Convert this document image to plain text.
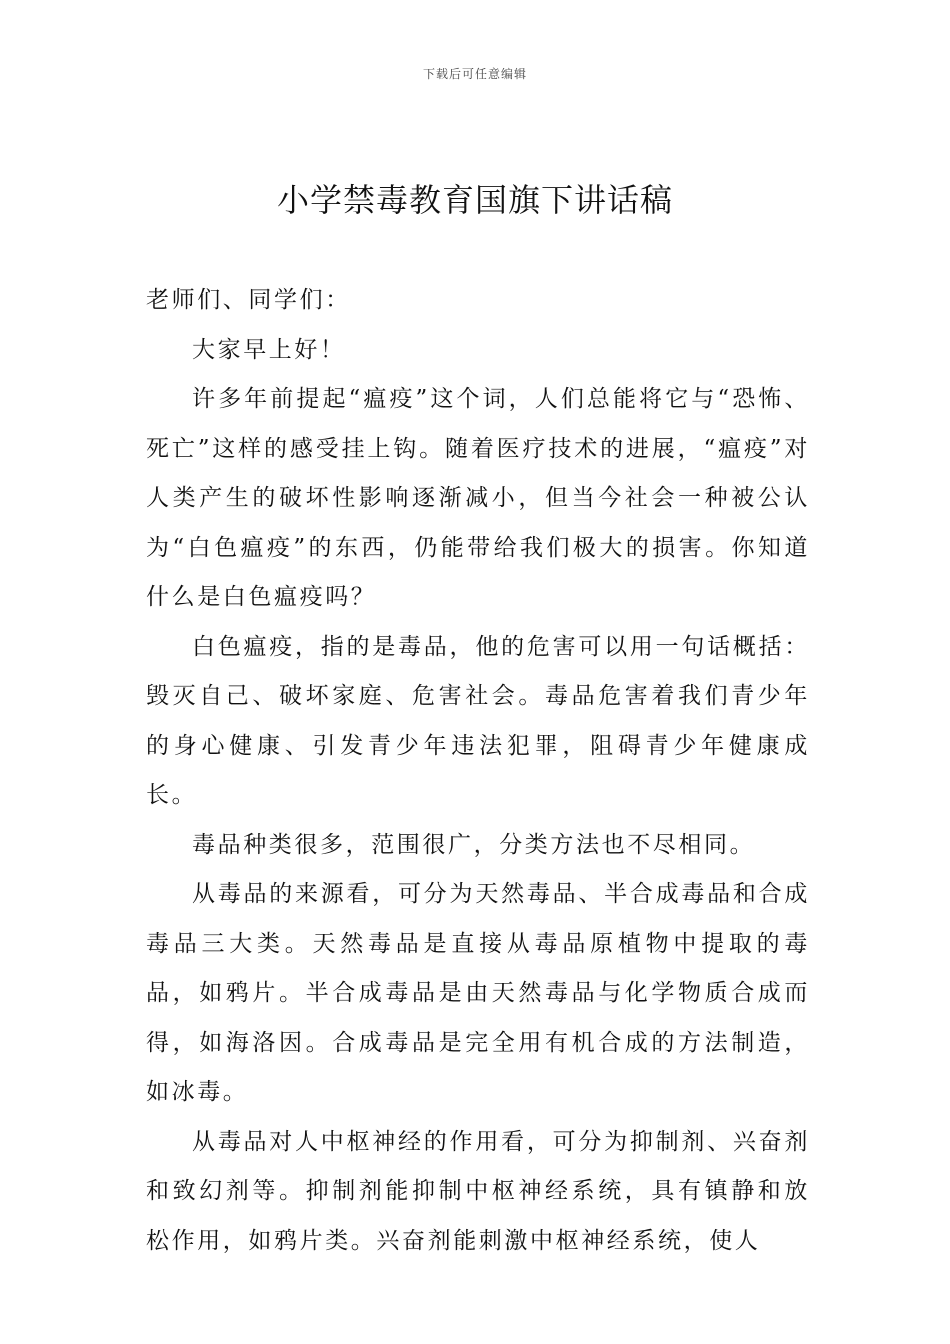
下载后可任意编辑
小学禁毒教育国旗下讲话稿

老师们、同学们：

大家早上好！

许多年前提起“瘟疫”这个词，人们总能将它与“恐怖、死亡”这样的感受挂上钩。随着医疗技术的进展，“瘟疫”对人类产生的破坏性影响逐渐减小，但当今社会一种被公认为“白色瘟疫”的东西，仍能带给我们极大的损害。你知道什么是白色瘟疫吗？

白色瘟疫，指的是毒品，他的危害可以用一句话概括：毁灭自己、破坏家庭、危害社会。毒品危害着我们青少年的身心健康、引发青少年违法犯罪，阻碍青少年健康成长。

毒品种类很多，范围很广，分类方法也不尽相同。

从毒品的来源看，可分为天然毒品、半合成毒品和合成毒品三大类。天然毒品是直接从毒品原植物中提取的毒品，如鸦片。半合成毒品是由天然毒品与化学物质合成而得，如海洛因。合成毒品是完全用有机合成的方法制造，如冰毒。

从毒品对人中枢神经的作用看，可分为抑制剂、兴奋剂和致幻剂等。抑制剂能抑制中枢神经系统，具有镇静和放松作用，如鸦片类。兴奋剂能刺激中枢神经系统，使人
